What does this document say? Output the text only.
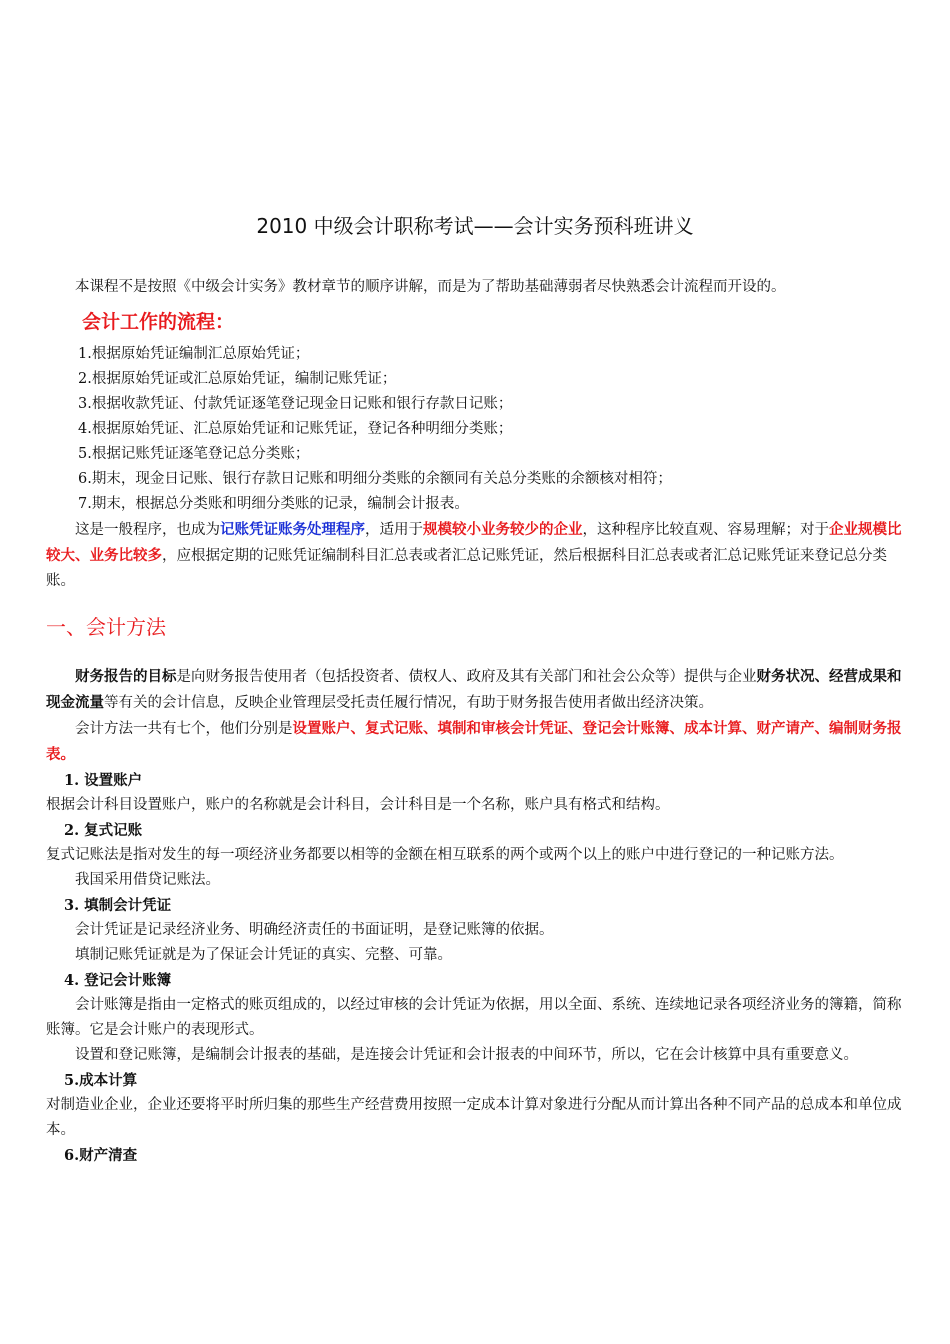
2010 中级会计职称考试——会计实务预科班讲义

本课程不是按照《中级会计实务》教材章节的顺序讲解，而是为了帮助基础薄弱者尽快熟悉会计流程而开设的。

会计工作的流程：
1.根据原始凭证编制汇总原始凭证；
2.根据原始凭证或汇总原始凭证，编制记账凭证；
3.根据收款凭证、付款凭证逐笔登记现金日记账和银行存款日记账；
4.根据原始凭证、汇总原始凭证和记账凭证，登记各种明细分类账；
5.根据记账凭证逐笔登记总分类账；
6.期末，现金日记账、银行存款日记账和明细分类账的余额同有关总分类账的余额核对相符；
7.期末，根据总分类账和明细分类账的记录，编制会计报表。

这是一般程序，也成为记账凭证账务处理程序，适用于规模较小业务较少的企业，这种程序比较直观、容易理解；对于企业规模比较大、业务比较多，应根据定期的记账凭证编制科目汇总表或者汇总记账凭证，然后根据科目汇总表或者汇总记账凭证来登记总分类账。

一、会计方法

财务报告的目标是向财务报告使用者（包括投资者、债权人、政府及其有关部门和社会公众等）提供与企业财务状况、经营成果和现金流量等有关的会计信息，反映企业管理层受托责任履行情况，有助于财务报告使用者做出经济决策。

会计方法一共有七个，他们分别是设置账户、复式记账、填制和审核会计凭证、登记会计账簿、成本计算、财产请产、编制财务报表。

1. 设置账户

根据会计科目设置账户，账户的名称就是会计科目，会计科目是一个名称，账户具有格式和结构。

2. 复式记账

复式记账法是指对发生的每一项经济业务都要以相等的金额在相互联系的两个或两个以上的账户中进行登记的一种记账方法。

我国采用借贷记账法。

3. 填制会计凭证

会计凭证是记录经济业务、明确经济责任的书面证明，是登记账簿的依据。

填制记账凭证就是为了保证会计凭证的真实、完整、可靠。

4. 登记会计账簿

会计账簿是指由一定格式的账页组成的，以经过审核的会计凭证为依据，用以全面、系统、连续地记录各项经济业务的簿籍，简称账簿。它是会计账户的表现形式。

设置和登记账簿，是编制会计报表的基础，是连接会计凭证和会计报表的中间环节，所以，它在会计核算中具有重要意义。

5.成本计算

对制造业企业，企业还要将平时所归集的那些生产经营费用按照一定成本计算对象进行分配从而计算出各种不同产品的总成本和单位成本。

6.财产清查
